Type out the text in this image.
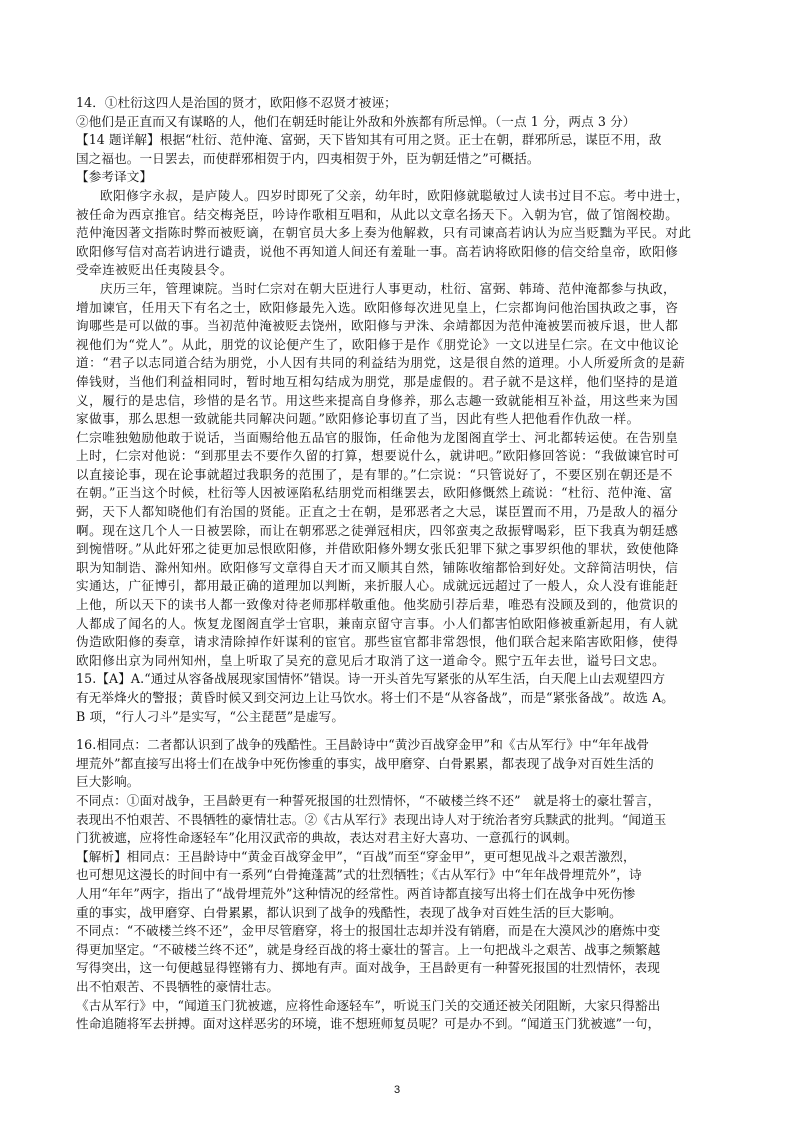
14．①杜衍这四人是治国的贤才，欧阳修不忍贤才被诬；
②他们是正直而又有谋略的人，他们在朝廷时能让外敌和外族都有所忌惮。（一点 1 分，两点 3 分）
【14 题详解】根据“杜衍、范仲淹、富弼，天下皆知其有可用之贤。正士在朝，群邪所忌，谋臣不用，敌
国之福也。一日罢去，而使群邪相贺于内，四夷相贺于外，臣为朝廷惜之”可概括。
【参考译文】
欧阳修字永叔，是庐陵人。四岁时即死了父亲，幼年时，欧阳修就聪敏过人读书过目不忘。考中进士，
被任命为西京推官。结交梅尧臣，吟诗作歌相互唱和，从此以文章名扬天下。入朝为官，做了馆阁校勘。
范仲淹因著文指陈时弊而被贬谪，在朝官员大多上奏为他解救，只有司谏高若讷认为应当贬黜为平民。对此
欧阳修写信对高若讷进行谴责，说他不再知道人间还有羞耻一事。高若讷将欧阳修的信交给皇帝，欧阳修
受牵连被贬出任夷陵县令。
庆历三年，管理谏院。当时仁宗对在朝大臣进行人事更动，杜衍、富弼、韩琦、范仲淹都参与执政，
增加谏官，任用天下有名之士，欧阳修最先入选。欧阳修每次进见皇上，仁宗都询问他治国执政之事，咨
询哪些是可以做的事。当初范仲淹被贬去饶州，欧阳修与尹洙、余靖都因为范仲淹被罢而被斥退，世人都
视他们为“党人”。从此，朋党的议论便产生了，欧阳修于是作《朋党论》一文以进呈仁宗。在文中他议论
道：“君子以志同道合结为朋党，小人因有共同的利益结为朋党，这是很自然的道理。小人所爱所贪的是薪
俸钱财，当他们利益相同时，暂时地互相勾结成为朋党，那是虚假的。君子就不是这样，他们坚持的是道
义，履行的是忠信，珍惜的是名节。用这些来提高自身修养，那么志趣一致就能相互补益，用这些来为国
家做事，那么思想一致就能共同解决问题。”欧阳修论事切直了当，因此有些人把他看作仇敌一样。
仁宗唯独勉励他敢于说话，当面赐给他五品官的服饰，任命他为龙图阁直学士、河北都转运使。在告别皇
上时，仁宗对他说：“到那里去不要作久留的打算，想要说什么，就讲吧。”欧阳修回答说：“我做谏官时可
以直接论事，现在论事就超过我职务的范围了，是有罪的。”仁宗说：“只管说好了，不要区别在朝还是不
在朝。”正当这个时候，杜衍等人因被诬陷私结朋党而相继罢去，欧阳修慨然上疏说：“杜衍、范仲淹、富
弼，天下人都知晓他们有治国的贤能。正直之士在朝，是邪恶者之大忌，谋臣置而不用，乃是敌人的福分
啊。现在这几个人一日被罢除，而让在朝邪恶之徒弹冠相庆，四邻蛮夷之敌振臂喝彩，臣下我真为朝廷感
到惋惜呀。”从此奸邪之徒更加忌恨欧阳修，并借欧阳修外甥女张氏犯罪下狱之事罗织他的罪状，致使他降
职为知制诰、滁州知州。欧阳修写文章得自天才而又顺其自然，铺陈收缩都恰到好处。文辞简洁明快，信
实通达，广征博引，都用最正确的道理加以判断，来折服人心。成就远远超过了一般人，众人没有谁能赶
上他，所以天下的读书人都一致像对待老师那样敬重他。他奖励引荐后辈，唯恐有没顾及到的，他赏识的
人都成了闻名的人。恢复龙图阁直学士官职，兼南京留守言事。小人们都害怕欧阳修被重新起用，有人就
伪造欧阳修的奏章，请求清除掉作奸谋利的宦官。那些宦官都非常怨恨，他们联合起来陷害欧阳修，使得
欧阳修出京为同州知州，皇上听取了吴充的意见后才取消了这一道命令。熙宁五年去世，谥号曰文忠。
15.【A】A.“通过从容备战展现家国情怀”错误。诗一开头首先写紧张的从军生活，白天爬上山去观望四方
有无举烽火的警报；黄昏时候又到交河边上让马饮水。将士们不是“从容备战”，而是“紧张备战”。故选 A。
B 项，“行人刁斗”是实写，“公主琵琶”是虚写。
16.相同点：二者都认识到了战争的残酷性。王昌龄诗中“黄沙百战穿金甲”和《古从军行》中“年年战骨
埋荒外”都直接写出将士们在战争中死伤惨重的事实，战甲磨穿、白骨累累，都表现了战争对百姓生活的
巨大影响。
不同点：①面对战争，王昌龄更有一种誓死报国的壮烈情怀，“不破楼兰终不还”　就是将士的豪壮誓言，
表现出不怕艰苦、不畏牺牲的豪情壮志。②《古从军行》表现出诗人对于统治者穷兵黩武的批判。“闻道玉
门犹被遮，应将性命逐轻车”化用汉武帝的典故，表达对君主好大喜功、一意孤行的讽刺。
【解析】相同点：王昌龄诗中“黄金百战穿金甲”，“百战”而至“穿金甲”，更可想见战斗之艰苦激烈，
也可想见这漫长的时间中有一系列“白骨掩蓬蒿”式的壮烈牺牲；《古从军行》中“年年战骨埋荒外”，诗
人用“年年”两字，指出了“战骨埋荒外”这种情况的经常性。两首诗都直接写出将士们在战争中死伤惨
重的事实，战甲磨穿、白骨累累，都认识到了战争的残酷性，表现了战争对百姓生活的巨大影响。
不同点：“不破楼兰终不还”，金甲尽管磨穿，将士的报国壮志却并没有销磨，而是在大漠风沙的磨炼中变
得更加坚定。“不破楼兰终不还”，就是身经百战的将士豪壮的誓言。上一句把战斗之艰苦、战事之频繁越
写得突出，这一句便越显得铿锵有力、掷地有声。面对战争，王昌龄更有一种誓死报国的壮烈情怀，表现
出不怕艰苦、不畏牺牲的豪情壮志。
《古从军行》中，“闻道玉门犹被遮，应将性命逐轻车”，听说玉门关的交通还被关闭阻断，大家只得豁出
性命追随将军去拼搏。面对这样恶劣的环境，谁不想班师复员呢？可是办不到。“闻道玉门犹被遮”一句，
3
